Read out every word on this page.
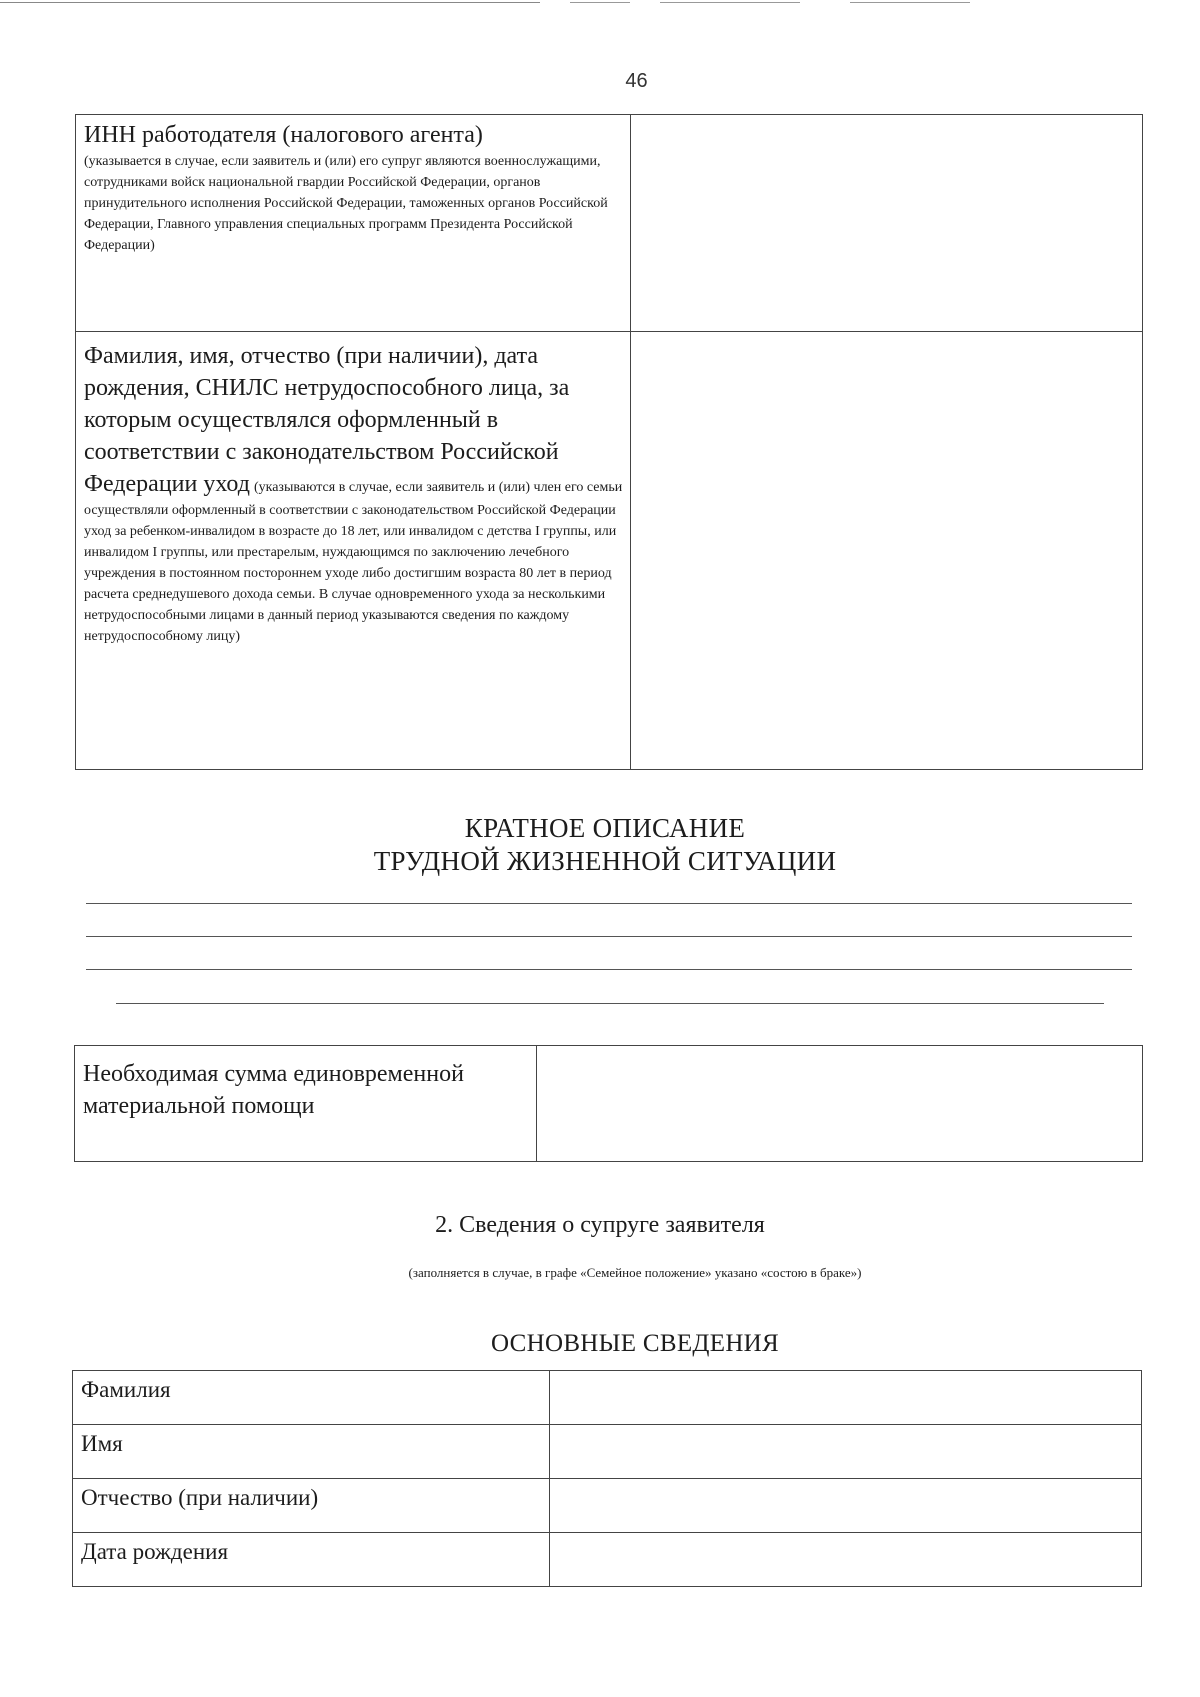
46
ИНН работодателя (налогового агента)
(указывается в случае, если заявитель и (или) его супруг являются военнослужащими, сотрудниками войск национальной гвардии Российской Федерации, органов принудительного исполнения Российской Федерации, таможенных органов Российской Федерации, Главного управления специальных программ Президента Российской Федерации)	

Фамилия, имя, отчество (при наличии), дата рождения, СНИЛС нетрудоспособного лица, за которым осуществлялся оформленный в соответствии с законодательством Российской Федерации уход (указываются в случае, если заявитель и (или) член его семьи осуществляли оформленный в соответствии с законодательством Российской Федерации уход за ребенком-инвалидом в возрасте до 18 лет, или инвалидом с детства I группы, или инвалидом I группы, или престарелым, нуждающимся по заключению лечебного учреждения в постоянном постороннем уходе либо достигшим возраста 80 лет в период расчета среднедушевого дохода семьи. В случае одновременного ухода за несколькими нетрудоспособными лицами в данный период указываются сведения по каждому нетрудоспособному лицу)	

КРАТНОЕ ОПИСАНИЕ
ТРУДНОЙ ЖИЗНЕННОЙ СИТУАЦИИ
Необходимая сумма единовременной материальной помощи

2. Сведения о супруге заявителя
(заполняется в случае, в графе «Семейное положение» указано «состою в браке»)
ОСНОВНЫЕ СВЕДЕНИЯ
Фамилия	
Имя	
Отчество (при наличии)	
Дата рождения	
